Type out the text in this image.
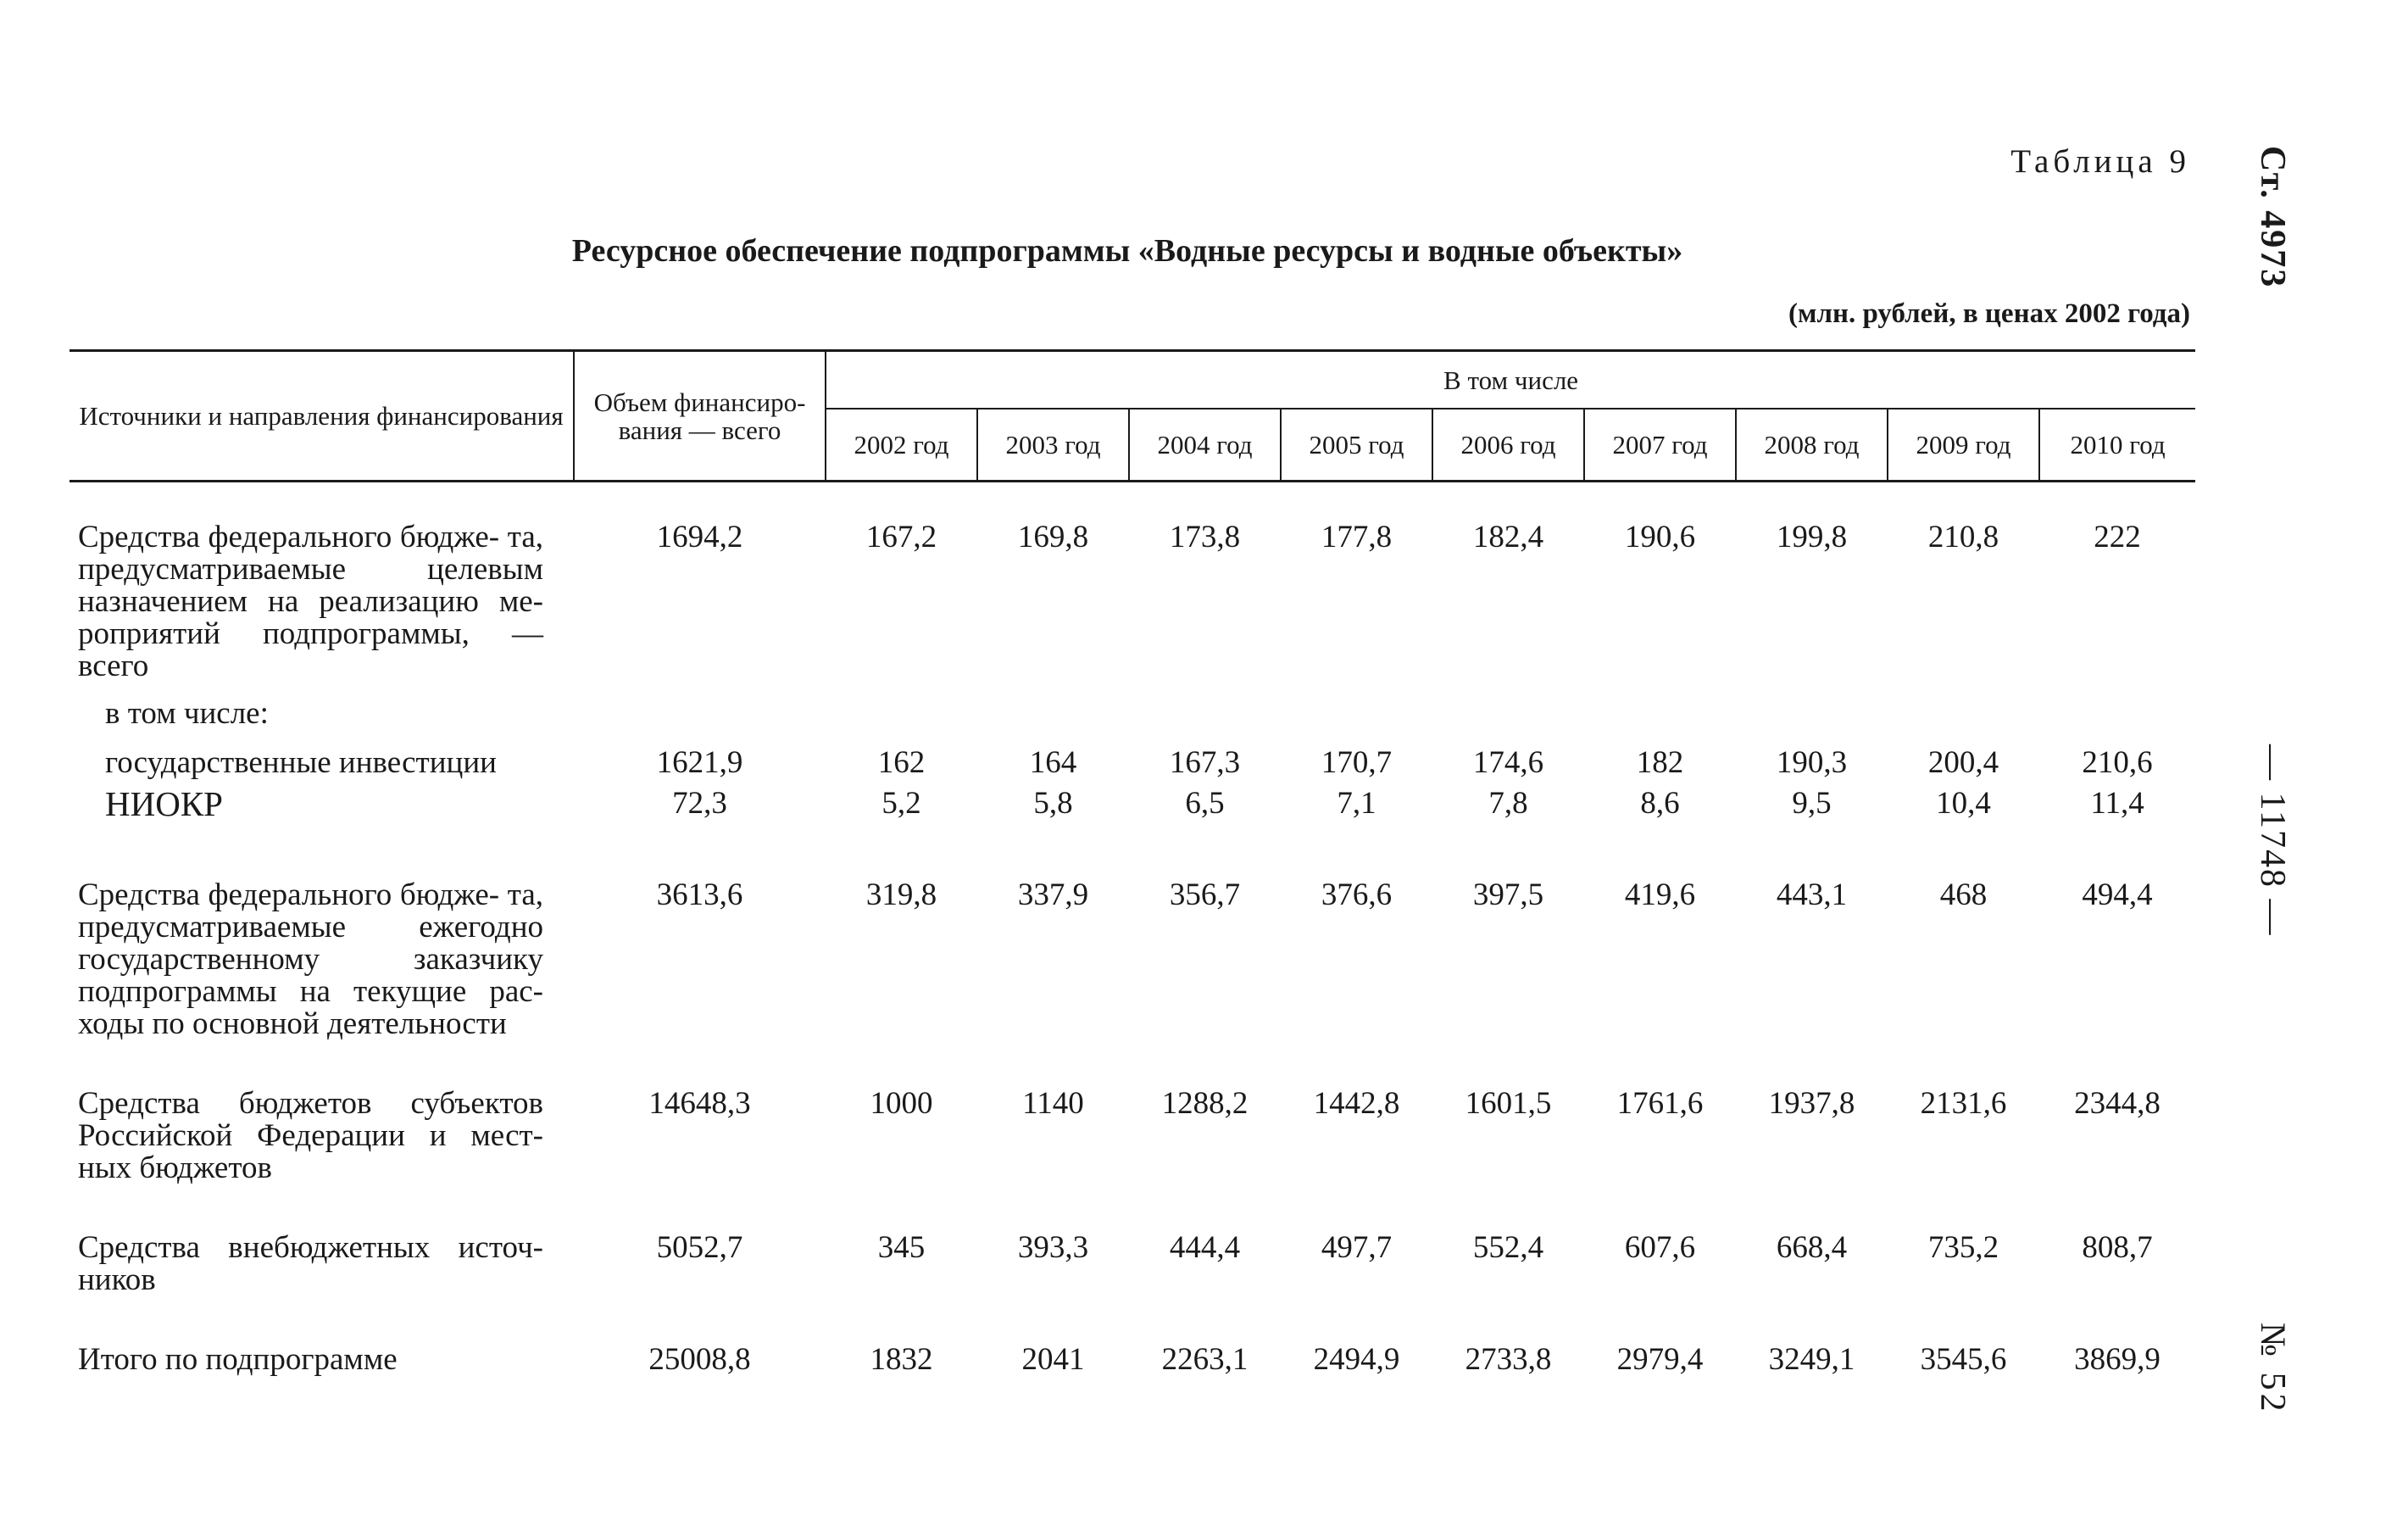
Таблица 9
Ресурсное обеспечение подпрограммы «Водные ресурсы и водные объекты»
(млн. рублей, в ценах 2002 года)
Ст. 4973
— 11748 —
№ 52
Источники и направления финансирования	Объем финансиро- вания — всего	В том числе								
		2002 год	2003 год	2004 год	2005 год	2006 год	2007 год	2008 год	2009 год	2010 год
Средства федерального бюдже- та, предусматриваемые целевым назначением на реализацию ме- роприятий подпрограммы, — всего	1694,2	167,2	169,8	173,8	177,8	182,4	190,6	199,8	210,8	222
в том числе:										
государственные инвестиции	1621,9	162	164	167,3	170,7	174,6	182	190,3	200,4	210,6
НИОКР	72,3	5,2	5,8	6,5	7,1	7,8	8,6	9,5	10,4	11,4
Средства федерального бюдже- та, предусматриваемые ежегодно государственному заказчику подпрограммы на текущие рас- ходы по основной деятельности	3613,6	319,8	337,9	356,7	376,6	397,5	419,6	443,1	468	494,4
Средства бюджетов субъектов Российской Федерации и мест- ных бюджетов	14648,3	1000	1140	1288,2	1442,8	1601,5	1761,6	1937,8	2131,6	2344,8
Средства внебюджетных источ- ников	5052,7	345	393,3	444,4	497,7	552,4	607,6	668,4	735,2	808,7
Итого по подпрограмме	25008,8	1832	2041	2263,1	2494,9	2733,8	2979,4	3249,1	3545,6	3869,9
